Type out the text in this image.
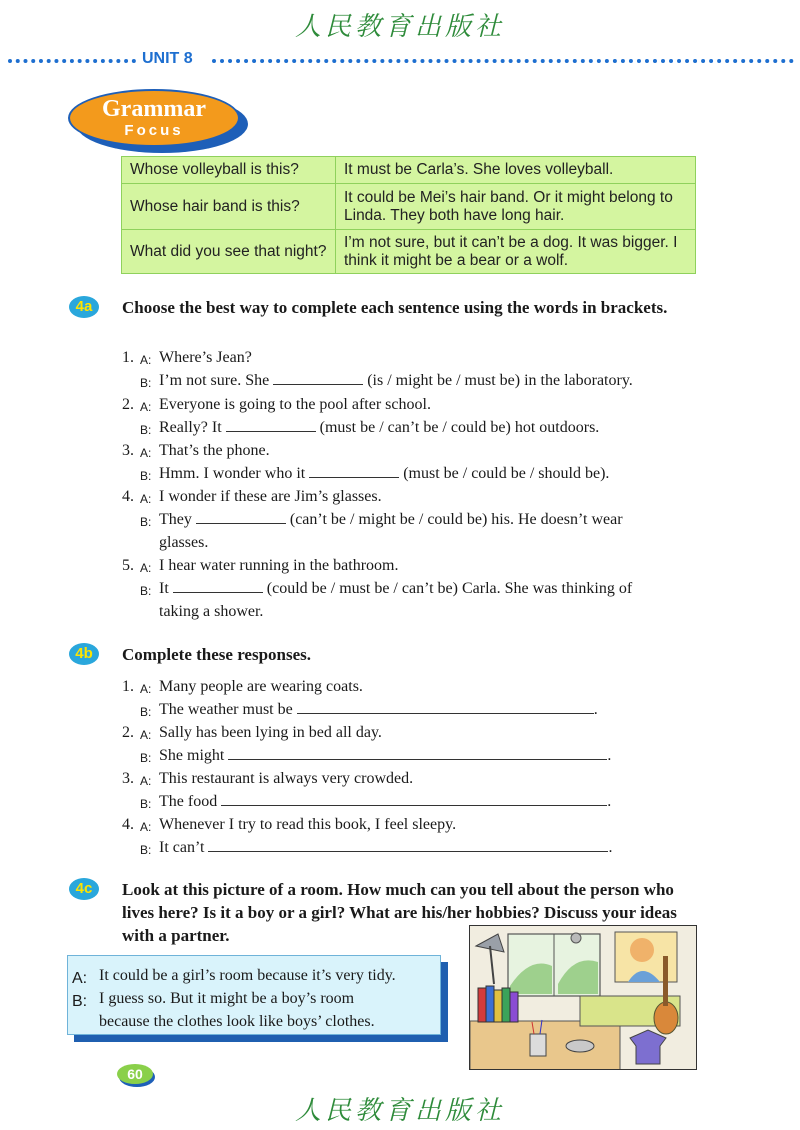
人民教育出版社
UNIT 8
Grammar
Focus
Whose volleyball is this?	It must be Carla’s. She loves volleyball.
Whose hair band is this?	It could be Mei’s hair band. Or it might belong to Linda. They both have long hair.
What did you see that night?	I’m not sure, but it can’t be a dog. It was bigger. I think it might be a bear or a wolf.
4a	Choose the best way to complete each sentence using the words in brackets.
1. A: Where’s Jean?
B: I’m not sure. She	(is / might be / must be) in the laboratory.
2. A: Everyone is going to the pool after school.
B: Really? It	(must be / can’t be / could be) hot outdoors.
3. A: That’s the phone.
B: Hmm. I wonder who it	(must be / could be / should be).
4. A: I wonder if these are Jim’s glasses.
B: They	(can’t be / might be / could be) his. He doesn’t wear
glasses.
5. A: I hear water running in the bathroom.
B: It	(could be / must be / can’t be) Carla. She was thinking of
taking a shower.
4b	Complete these responses.
1. A: Many people are wearing coats.
B: The weather must be	.
2. A: Sally has been lying in bed all day.
B: She might	.
3. A: This restaurant is always very crowded.
B: The food	.
4. A: Whenever I try to read this book, I feel sleepy.
B: It can’t	.
4c	Look at this picture of a room. How much can you tell about the person who lives here? Is it a boy or a girl? What are his/her hobbies? Discuss your ideas with a partner.
A: It could be a girl’s room because it’s very tidy.
B: I guess so. But it might be a boy’s room
because the clothes look like boys’ clothes.
60
人民教育出版社
